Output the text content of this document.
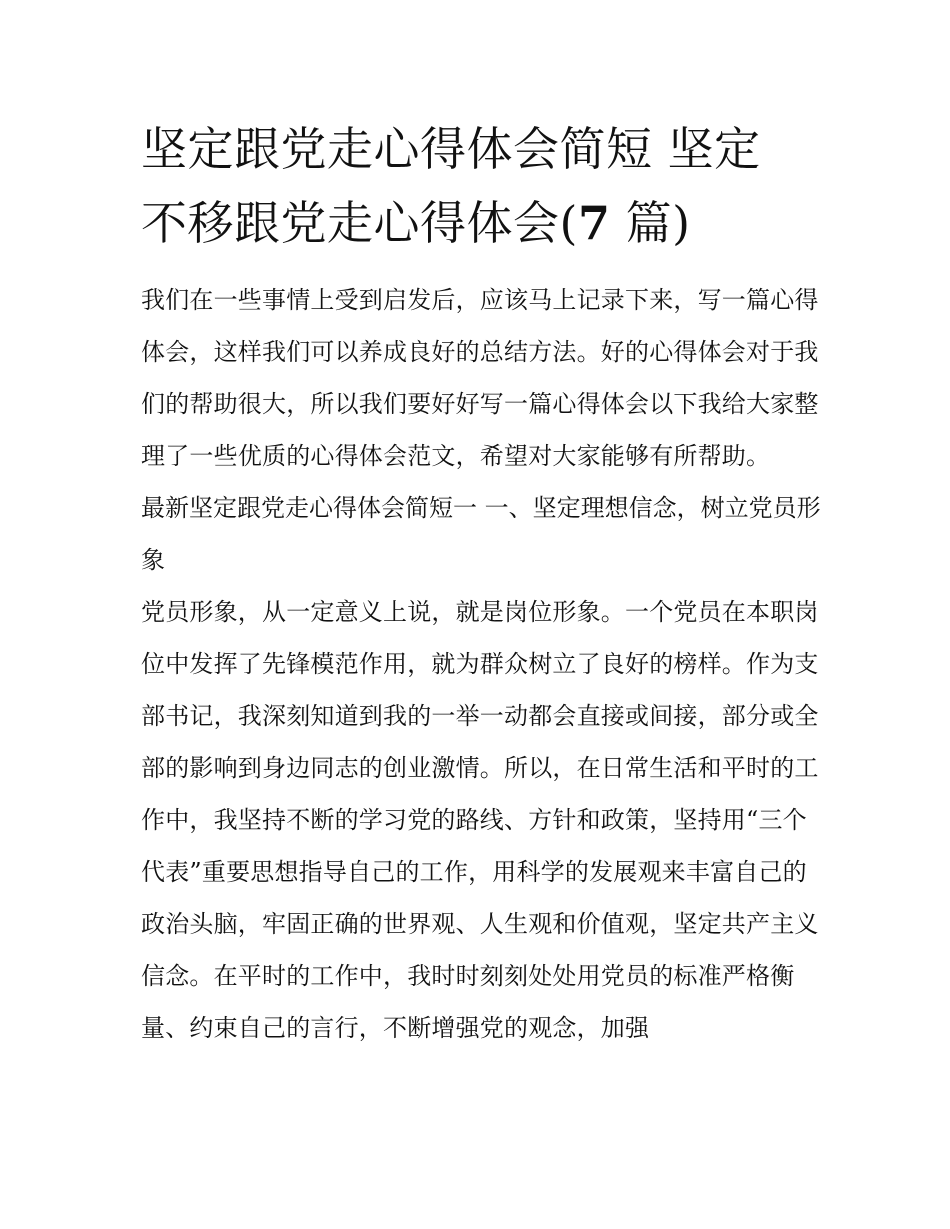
坚定跟党走心得体会简短 坚定
不移跟党走心得体会(7 篇)

我们在一些事情上受到启发后，应该马上记录下来，写一篇心得体会，这样我们可以养成良好的总结方法。好的心得体会对于我们的帮助很大，所以我们要好好写一篇心得体会以下我给大家整理了一些优质的心得体会范文，希望对大家能够有所帮助。

最新坚定跟党走心得体会简短一 一、坚定理想信念，树立党员形象

党员形象，从一定意义上说，就是岗位形象。一个党员在本职岗位中发挥了先锋模范作用，就为群众树立了良好的榜样。作为支部书记，我深刻知道到我的一举一动都会直接或间接，部分或全部的影响到身边同志的创业激情。所以，在日常生活和平时的工作中，我坚持不断的学习党的路线、方针和政策，坚持用“三个代表”重要思想指导自己的工作，用科学的发展观来丰富自己的政治头脑，牢固正确的世界观、人生观和价值观，坚定共产主义信念。在平时的工作中，我时时刻刻处处用党员的标准严格衡量、约束自己的言行，不断增强党的观念，加强
